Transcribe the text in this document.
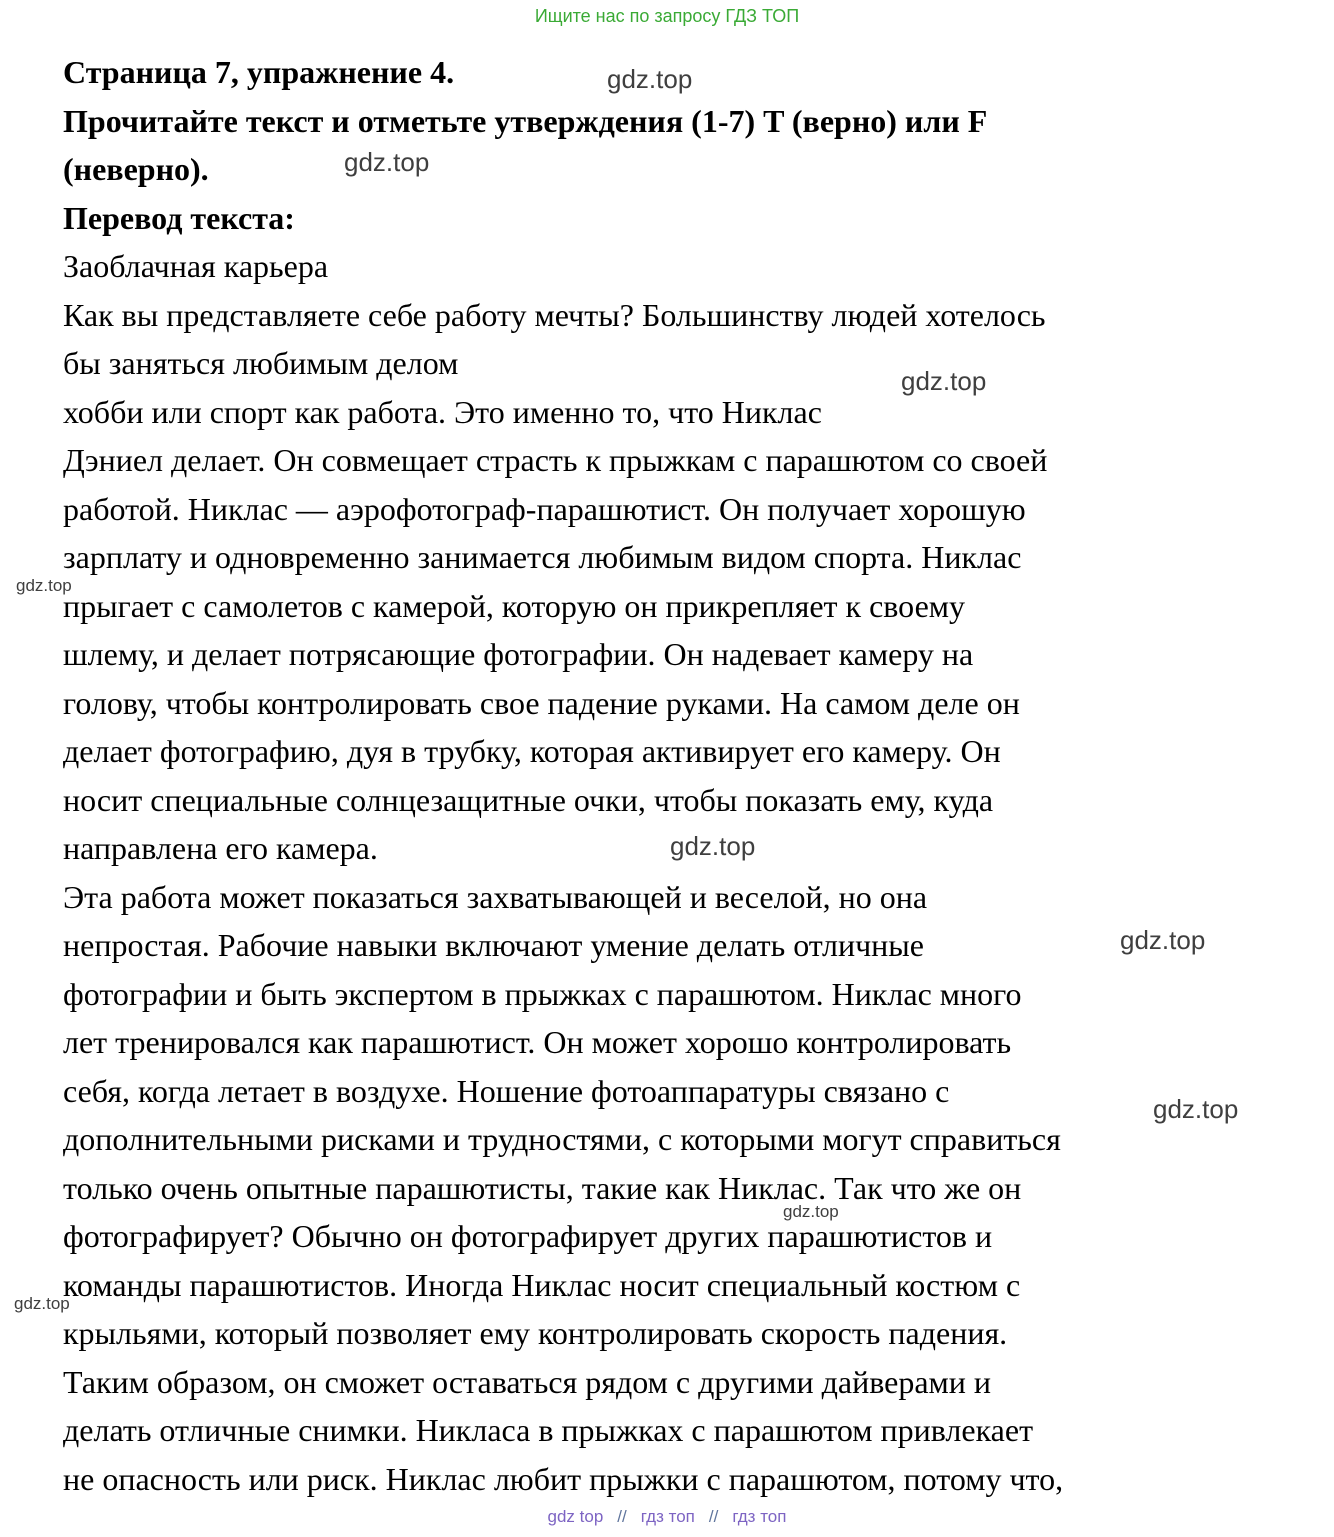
Ищите нас по запросу ГДЗ ТОП
Страница 7, упражнение 4.
Прочитайте текст и отметьте утверждения (1-7) T (верно) или F
(неверно).
Перевод текста:
Заоблачная карьера
Как вы представляете себе работу мечты? Большинству людей хотелось
бы заняться любимым делом
хобби или спорт как работа. Это именно то, что Никлас
Дэниел делает. Он совмещает страсть к прыжкам с парашютом со своей
работой. Никлас — аэрофотограф-парашютист. Он получает хорошую
зарплату и одновременно занимается любимым видом спорта. Никлас
прыгает с самолетов с камерой, которую он прикрепляет к своему
шлему, и делает потрясающие фотографии. Он надевает камеру на
голову, чтобы контролировать свое падение руками. На самом деле он
делает фотографию, дуя в трубку, которая активирует его камеру. Он
носит специальные солнцезащитные очки, чтобы показать ему, куда
направлена его камера.
Эта работа может показаться захватывающей и веселой, но она
непростая. Рабочие навыки включают умение делать отличные
фотографии и быть экспертом в прыжках с парашютом. Никлас много
лет тренировался как парашютист. Он может хорошо контролировать
себя, когда летает в воздухе. Ношение фотоаппаратуры связано с
дополнительными рисками и трудностями, с которыми могут справиться
только очень опытные парашютисты, такие как Никлас. Так что же он
фотографирует? Обычно он фотографирует других парашютистов и
команды парашютистов. Иногда Никлас носит специальный костюм с
крыльями, который позволяет ему контролировать скорость падения.
Таким образом, он сможет оставаться рядом с другими дайверами и
делать отличные снимки. Никласа в прыжках с парашютом привлекает
не опасность или риск. Никлас любит прыжки с парашютом, потому что,
gdz.top
gdz.top
gdz.top
gdz.top
gdz.top
gdz.top
gdz.top
gdz.top
gdz.top
gdz top // гдз топ // гдз топ
